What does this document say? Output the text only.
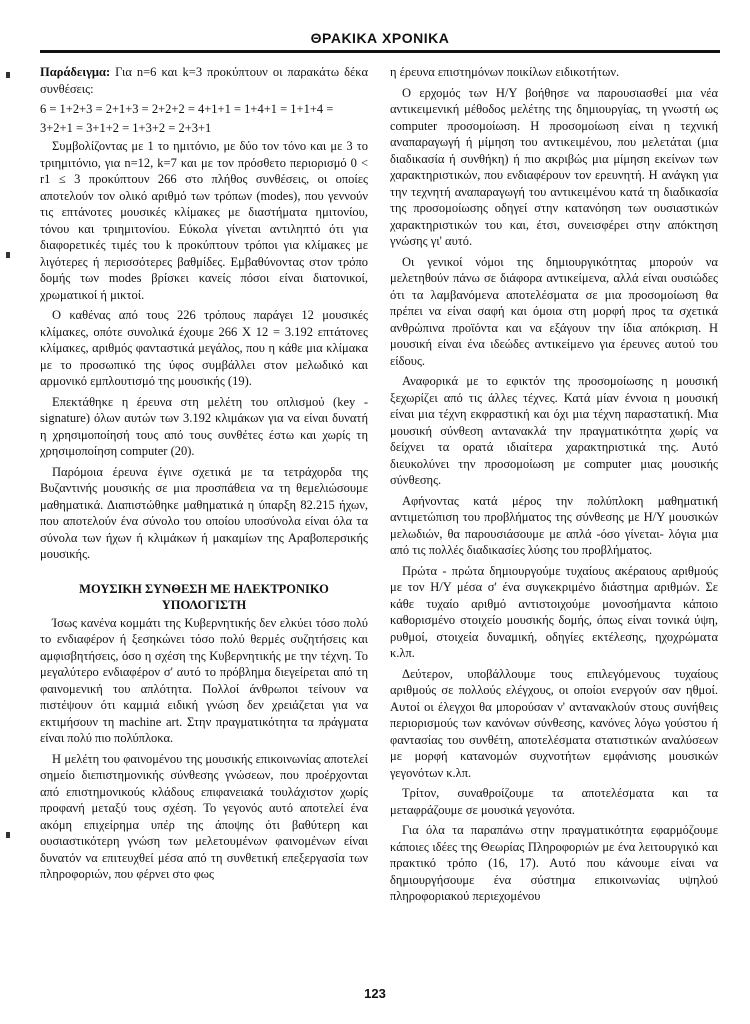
ΘΡΑΚΙΚΑ ΧΡΟΝΙΚΑ

Παράδειγμα: Για n=6 και k=3 προκύπτουν οι παρακάτω δέκα συνθέσεις:

6 = 1+2+3 = 2+1+3 = 2+2+2 = 4+1+1 = 1+4+1 = 1+1+4 =

3+2+1 = 3+1+2 = 1+3+2 = 2+3+1

Συμβολίζοντας με 1 το ημιτόνιο, με δύο τον τόνο και με 3 το τριημιτόνιο, για n=12, k=7 και με τον πρόσθετο περιορισμό 0 < r1 ≤ 3 προκύπτουν 266 στο πλήθος συνθέσεις, οι οποίες αποτελούν τον ολικό αριθμό των τρόπων (modes), που γεννούν τις επτάνοτες μουσικές κλίμακες με διαστήματα ημιτονίου, τόνου και τριημιτονίου. Εύκολα γίνεται αντιληπτό ότι για διαφορετικές τιμές του k προκύπτουν τρόποι για κλίμακες με λιγότερες ή περισσότερες βαθμίδες. Εμβαθύνοντας στον τρόπο δομής των modes βρίσκει κανείς πόσοι είναι διατονικοί, χρωματικοί ή μικτοί.

Ο καθένας από τους 226 τρόπους παράγει 12 μουσικές κλίμακες, οπότε συνολικά έχουμε 266 X 12 = 3.192 επτάτονες κλίμακες, αριθμός φανταστικά μεγάλος, που η κάθε μια κλίμακα με το προσωπικό της ύφος συμβάλλει στον μελωδικό και αρμονικό εμπλουτισμό της μουσικής (19).

Επεκτάθηκε η έρευνα στη μελέτη του οπλισμού (key - signature) όλων αυτών των 3.192 κλιμάκων για να είναι δυνατή η χρησιμοποίησή τους από τους συνθέτες έστω και χωρίς τη χρησιμοποίηση computer (20).

Παρόμοια έρευνα έγινε σχετικά με τα τετράχορδα της Βυζαντινής μουσικής σε μια προσπάθεια να τη θεμελιώσουμε μαθηματικά. Διαπιστώθηκε μαθηματικά η ύπαρξη 82.215 ήχων, που αποτελούν ένα σύνολο του οποίου υποσύνολα είναι όλα τα σύνολα των ήχων ή κλιμάκων ή μακαμίων της Αραβοπερσικής μουσικής.

ΜΟΥΣΙΚΗ ΣΥΝΘΕΣΗ ΜΕ ΗΛΕΚΤΡΟΝΙΚΟ
ΥΠΟΛΟΓΙΣΤΗ

Ίσως κανένα κομμάτι της Κυβερνητικής δεν ελκύει τόσο πολύ το ενδιαφέρον ή ξεσηκώνει τόσο πολύ θερμές συζητήσεις και αμφισβητήσεις, όσο η σχέση της Κυβερνητικής με την τέχνη. Το μεγαλύτερο ενδιαφέρον σ' αυτό το πρόβλημα διεγείρεται από τη φαινομενική του απλότητα. Πολλοί άνθρωποι τείνουν να πιστέψουν ότι καμμιά ειδική γνώση δεν χρειάζεται για να εκτιμήσουν τη machine art. Στην πραγματικότητα τα πράγματα είναι πολύ πιο πολύπλοκα.

Η μελέτη του φαινομένου της μουσικής επικοινωνίας αποτελεί σημείο διεπιστημονικής σύνθεσης γνώσεων, που προέρχονται από επιστημονικούς κλάδους επιφανειακά τουλάχιστον χωρίς προφανή μεταξύ τους σχέση. Το γεγονός αυτό αποτελεί ένα ακόμη επιχείρημα υπέρ της άποψης ότι βαθύτερη και ουσιαστικότερη γνώση των μελετουμένων φαινομένων είναι δυνατόν να επιτευχθεί μέσα από τη συνθετική επεξεργασία των πληροφοριών, που φέρνει στο φως

η έρευνα επιστημόνων ποικίλων ειδικοτήτων.

Ο ερχομός των Η/Υ βοήθησε να παρουσιασθεί μια νέα αντικειμενική μέθοδος μελέτης της δημιουργίας, τη γνωστή ως computer προσομοίωση. Η προσομοίωση είναι η τεχνική αναπαραγωγή ή μίμηση του αντικειμένου, που μελετάται (μια διαδικασία ή συνθήκη) ή πιο ακριβώς μια μίμηση εκείνων των χαρακτηριστικών, που ενδιαφέρουν τον ερευνητή. Η ανάγκη για την τεχνητή αναπαραγωγή του αντικειμένου κατά τη διαδικασία της προσομοίωσης οδηγεί στην κατανόηση των ουσιαστικών χαρακτηριστικών του και, έτσι, συνεισφέρει στην απόκτηση γνώσης γι' αυτό.

Οι γενικοί νόμοι της δημιουργικότητας μπορούν να μελετηθούν πάνω σε διάφορα αντικείμενα, αλλά είναι ουσιώδες ότι τα λαμβανόμενα αποτελέσματα σε μια προσομοίωση θα πρέπει να είναι σαφή και όμοια στη μορφή προς τα σχετικά ανθρώπινα προϊόντα και να εξάγουν την ίδια απόκριση. Η μουσική είναι ένα ιδεώδες αντικείμενο για έρευνες αυτού του είδους.

Αναφορικά με το εφικτόν της προσομοίωσης η μουσική ξεχωρίζει από τις άλλες τέχνες. Κατά μίαν έννοια η μουσική είναι μια τέχνη εκφραστική και όχι μια τέχνη παραστατική. Μια μουσική σύνθεση αντανακλά την πραγματικότητα χωρίς να δείχνει τα ορατά ιδιαίτερα χαρακτηριστικά της. Αυτό διευκολύνει την προσομοίωση με computer μιας μουσικής σύνθεσης.

Αφήνοντας κατά μέρος την πολύπλοκη μαθηματική αντιμετώπιση του προβλήματος της σύνθεσης με Η/Υ μουσικών μελωδιών, θα παρουσιάσουμε με απλά -όσο γίνεται- λόγια μια από τις πολλές διαδικασίες λύσης του προβλήματος.

Πρώτα - πρώτα δημιουργούμε τυχαίους ακέραιους αριθμούς με τον Η/Υ μέσα σ' ένα συγκεκριμένο διάστημα αριθμών. Σε κάθε τυχαίο αριθμό αντιστοιχούμε μονοσήμαντα κάποιο καθορισμένο στοιχείο μουσικής δομής, όπως είναι τονικά ύψη, ρυθμοί, στοιχεία δυναμική, οδηγίες εκτέλεσης, ηχοχρώματα κ.λπ.

Δεύτερον, υποβάλλουμε τους επιλεγόμενους τυχαίους αριθμούς σε πολλούς ελέγχους, οι οποίοι ενεργούν σαν ηθμοί. Αυτοί οι έλεγχοι θα μπορούσαν ν' αντανακλούν στους συνήθεις περιορισμούς των κανόνων σύνθεσης, κανόνες λόγω γούστου ή φαντασίας του συνθέτη, αποτελέσματα στατιστικών αναλύσεων με μορφή κατανομών συχνοτήτων εμφάνισης μουσικών γεγονότων κ.λπ.

Τρίτον, συναθροίζουμε τα αποτελέσματα και τα μεταφράζουμε σε μουσικά γεγονότα.

Για όλα τα παραπάνω στην πραγματικότητα εφαρμόζουμε κάποιες ιδέες της Θεωρίας Πληροφοριών με ένα λειτουργικό και πρακτικό τρόπο (16, 17). Αυτό που κάνουμε είναι να δημιουργήσουμε ένα σύστημα επικοινωνίας υψηλού πληροφοριακού περιεχομένου

123
